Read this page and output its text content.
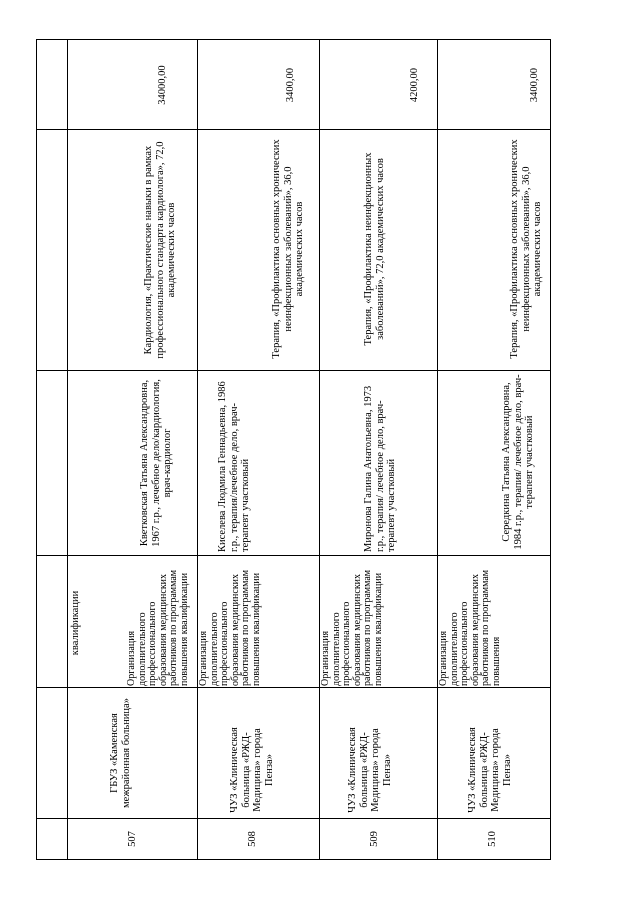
квалификации
507
ГБУЗ «Каменская межрайонная больница»
Организация дополнительного профессионального образования медицинских работников по программам повышения квалификации
Кветковская Татьяна Александровна, 1967 г.р., лечебное дело/кардиология, врач-кардиолог
Кардиология, «Практические навыки в рамках профессионального стандарта кардиолога», 72,0 академических часов
34000,00
508
ЧУЗ «Клиническая больница «РЖД-Медицина» города Пенза»
Организация дополнительного профессионального образования медицинских работников по программам повышения квалификации
Киселева Людмила Геннадьевна, 1986 г.р., терапия/лечебное дело, врач-терапевт участковый
Терапия, «Профилактика основных хронических неинфекционных заболеваний», 36,0 академических часов
3400,00
509
ЧУЗ «Клиническая больница «РЖД-Медицина» города Пенза»
Организация дополнительного профессионального образования медицинских работников по программам повышения квалификации
Миронова Галина Анатольевна, 1973 г.р., терапия/ лечебное дело, врач-терапевт участковый
Терапия, «Профилактика неинфекционных заболеваний», 72,0 академических часов
4200,00
510
ЧУЗ «Клиническая больница «РЖД-Медицина» города Пенза»
Организация дополнительного профессионального образования медицинских работников по программам повышения
Середкина Татьяна Александровна, 1984 г.р., терапия/ лечебное дело, врач-терапевт участковый
Терапия, «Профилактика основных хронических неинфекционных заболеваний», 36,0 академических часов
3400,00
